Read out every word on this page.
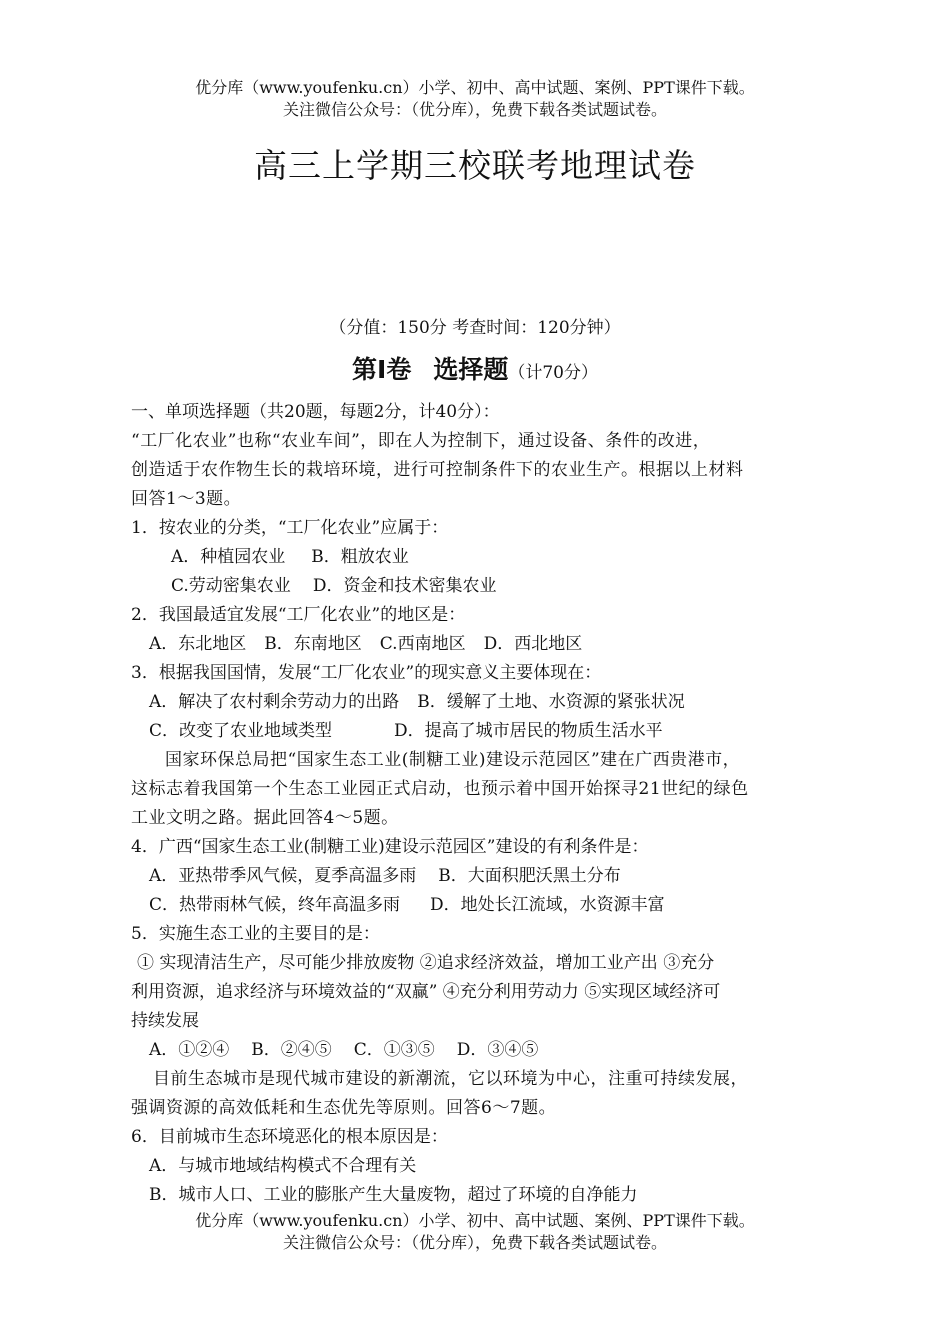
优分库（www.youfenku.cn）小学、初中、高中试题、案例、PPT课件下载。
关注微信公众号：（优分库），免费下载各类试题试卷。
高三上学期三校联考地理试卷
（分值：150分 考查时间：120分钟）
第Ⅰ卷 选择题（计70分）
一、单项选择题（共20题，每题2分，计40分）：
“工厂化农业”也称“农业车间”，即在人为控制下，通过设备、条件的改进，
创造适于农作物生长的栽培环境，进行可控制条件下的农业生产。根据以上材料
回答1～3题。
1．按农业的分类，“工厂化农业”应属于：
A．种植园农业 B．粗放农业
C.劳动密集农业 D．资金和技术密集农业
2．我国最适宜发展“工厂化农业”的地区是：
A．东北地区 B．东南地区 C.西南地区 D．西北地区
3．根据我国国情，发展“工厂化农业”的现实意义主要体现在：
A．解决了农村剩余劳动力的出路 B．缓解了土地、水资源的紧张状况
C．改变了农业地域类型	D．提高了城市居民的物质生活水平
国家环保总局把“国家生态工业(制糖工业)建设示范园区”建在广西贵港市，
这标志着我国第一个生态工业园正式启动，也预示着中国开始探寻21世纪的绿色
工业文明之路。据此回答4～5题。
4．广西“国家生态工业(制糖工业)建设示范园区”建设的有利条件是：
A．亚热带季风气候，夏季高温多雨 B．大面积肥沃黑土分布
C．热带雨林气候，终年高温多雨 D．地处长江流域，水资源丰富
5．实施生态工业的主要目的是：
① 实现清洁生产，尽可能少排放废物 ②追求经济效益，增加工业产出 ③充分
利用资源，追求经济与环境效益的“双赢” ④充分利用劳动力 ⑤实现区域经济可
持续发展
A．①②④ B．②④⑤ C．①③⑤ D．③④⑤
目前生态城市是现代城市建设的新潮流，它以环境为中心，注重可持续发展，
强调资源的高效低耗和生态优先等原则。回答6～7题。
6．目前城市生态环境恶化的根本原因是：
A．与城市地域结构模式不合理有关
B．城市人口、工业的膨胀产生大量废物，超过了环境的自净能力
优分库（www.youfenku.cn）小学、初中、高中试题、案例、PPT课件下载。
关注微信公众号：（优分库），免费下载各类试题试卷。
